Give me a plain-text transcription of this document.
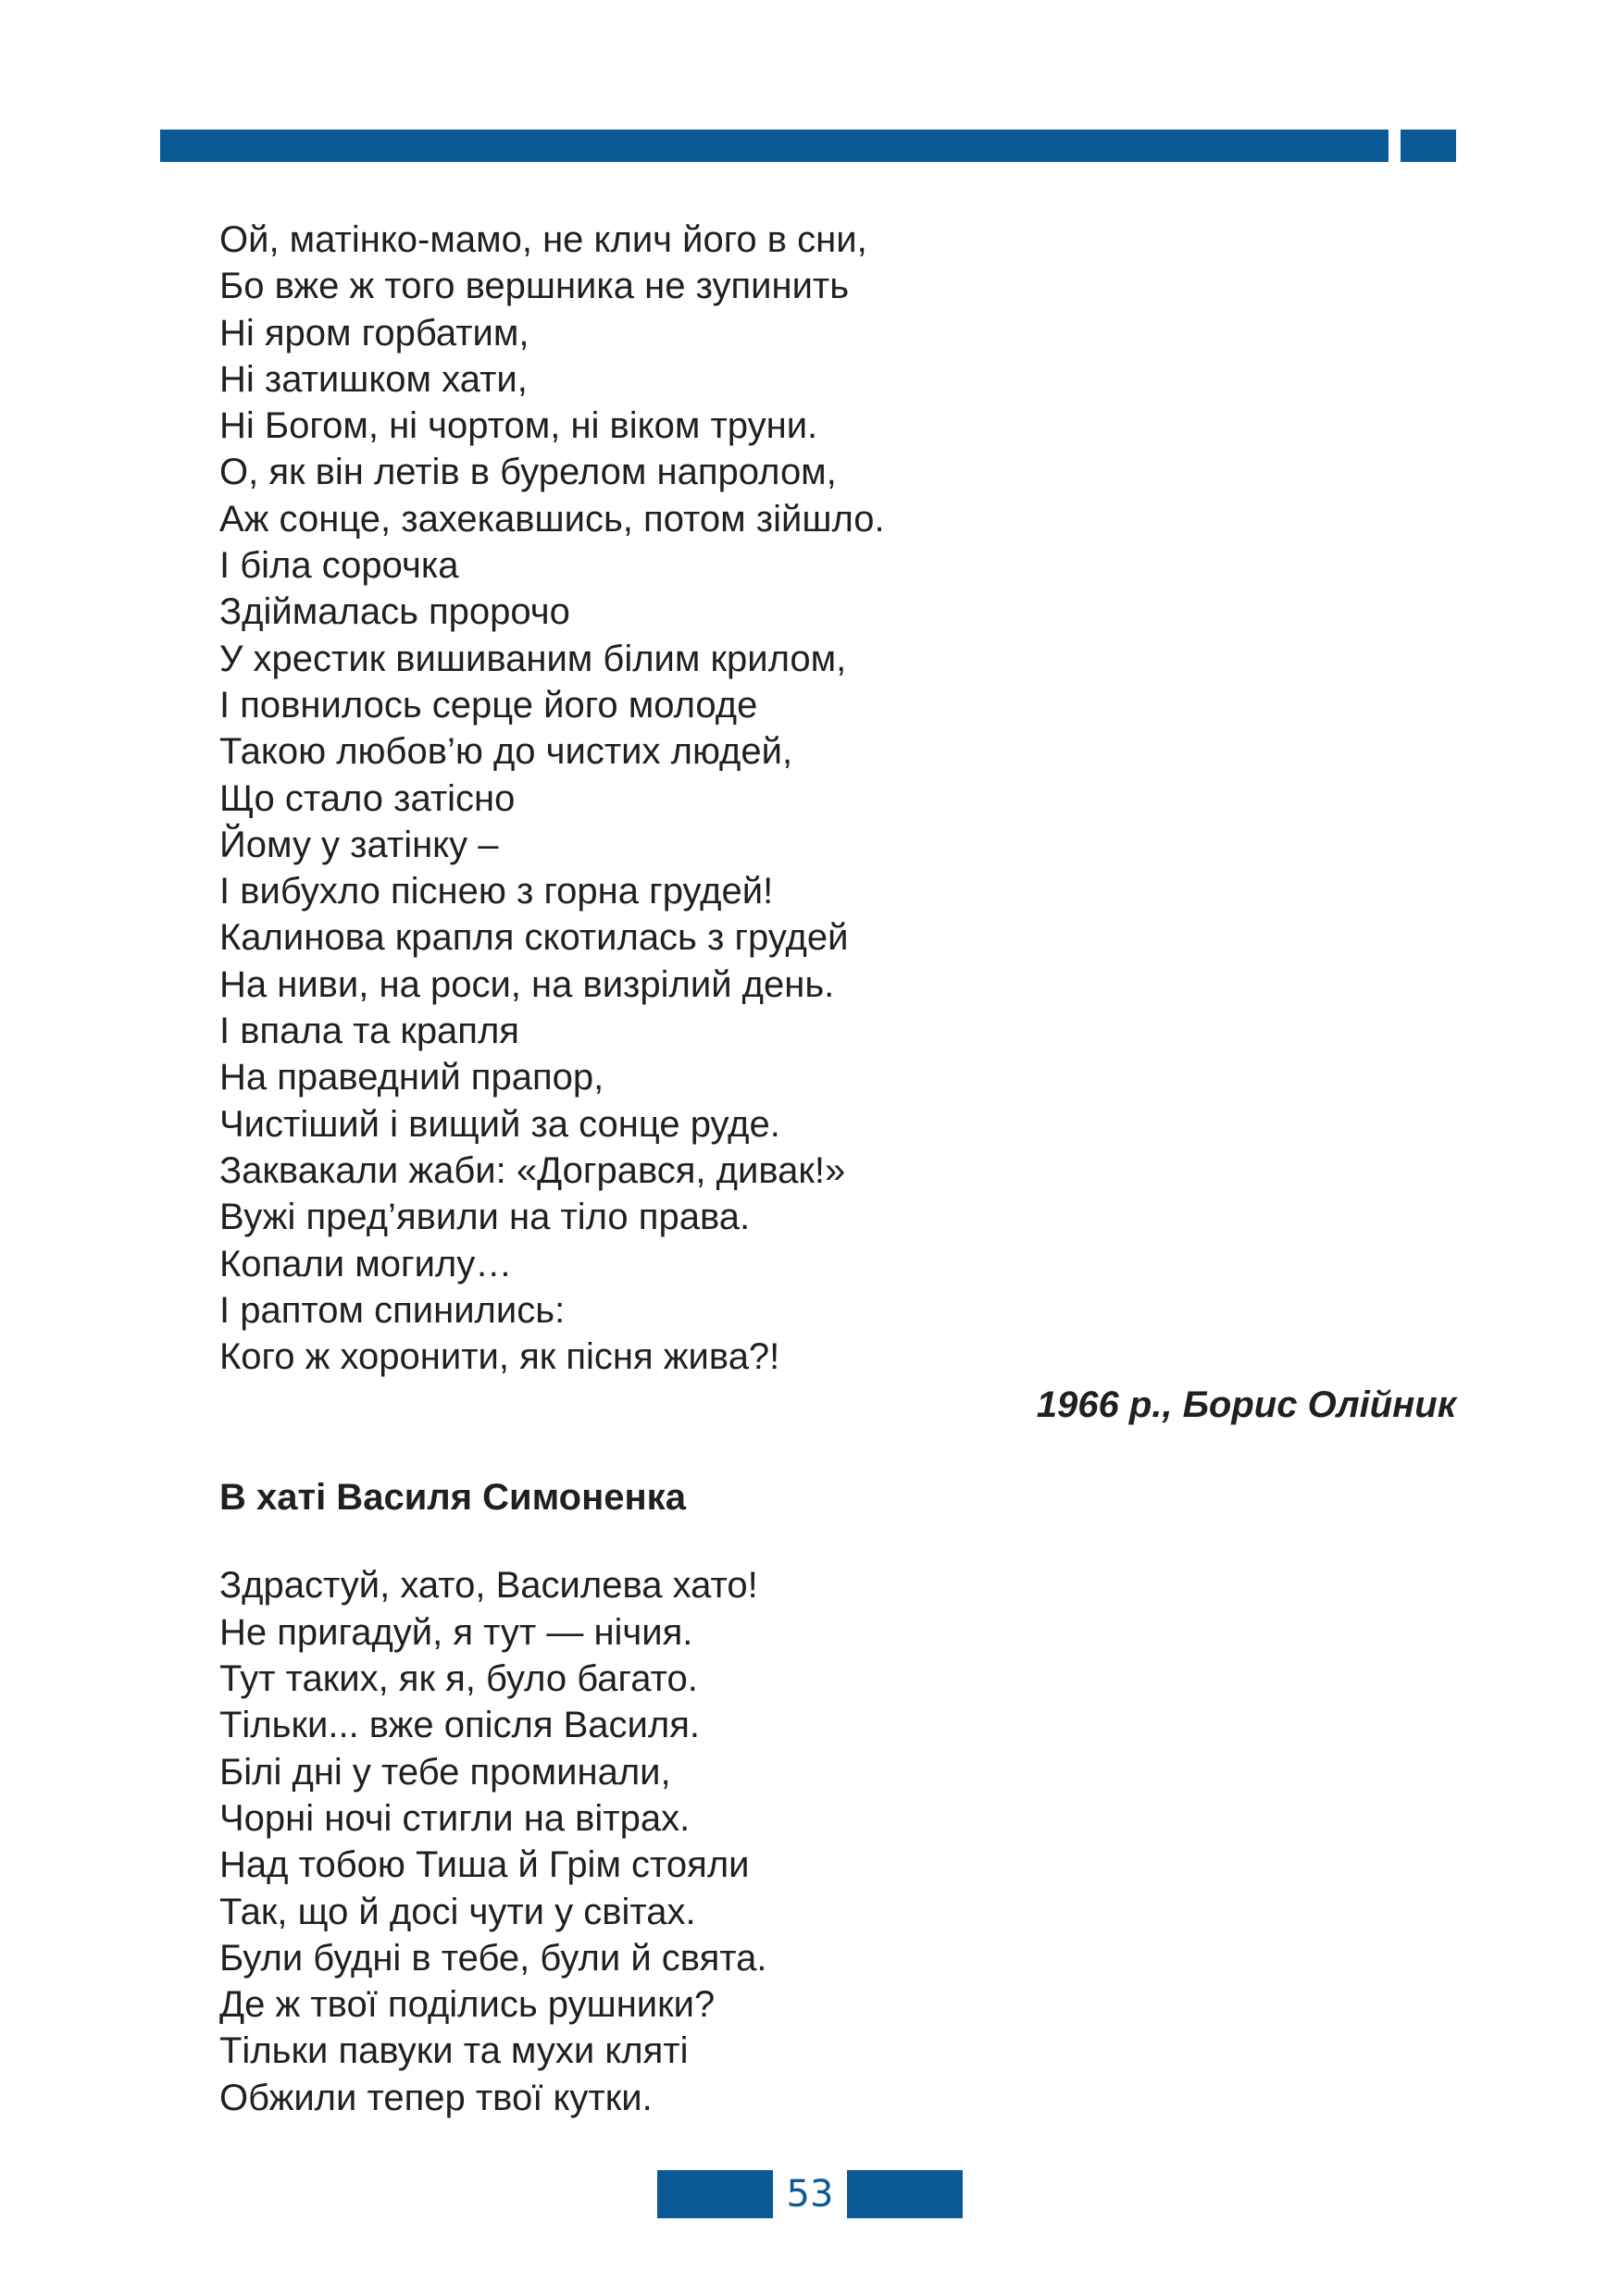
Ой, матінко-мамо, не клич його в сни,
Бо вже ж того вершника не зупинить
Ні яром горбатим,
Ні затишком хати,
Ні Богом, ні чортом, ні віком труни.
О, як він летів в бурелом напролом,
Аж сонце, захекавшись, потом зійшло.
І біла сорочка
Здіймалась пророчо
У хрестик вишиваним білим крилом,
І повнилось серце його молоде
Такою любов’ю до чистих людей,
Що стало затісно
Йому у затінку –
І вибухло піснею з горна грудей!
Калинова крапля скотилась з грудей
На ниви, на роси, на визрілий день.
І впала та крапля
На праведний прапор,
Чистіший і вищий за сонце руде.
Заквакали жаби: «Догрався, дивак!»
Вужі пред’явили на тіло права.
Копали могилу…
І раптом спинились:
Кого ж хоронити, як пісня жива?!
1966 р., Борис Олійник
В хаті Василя Симоненка
Здрастуй, хато, Василева хато!
Не пригадуй, я тут — нічия.
Тут таких, як я, було багато.
Тільки... вже опісля Василя.
Білі дні у тебе проминали,
Чорні ночі стигли на вітрах.
Над тобою Тиша й Грім стояли
Так, що й досі чути у світах.
Були будні в тебе, були й свята.
Де ж твої поділись рушники?
Тільки павуки та мухи кляті
Обжили тепер твої кутки.
53
